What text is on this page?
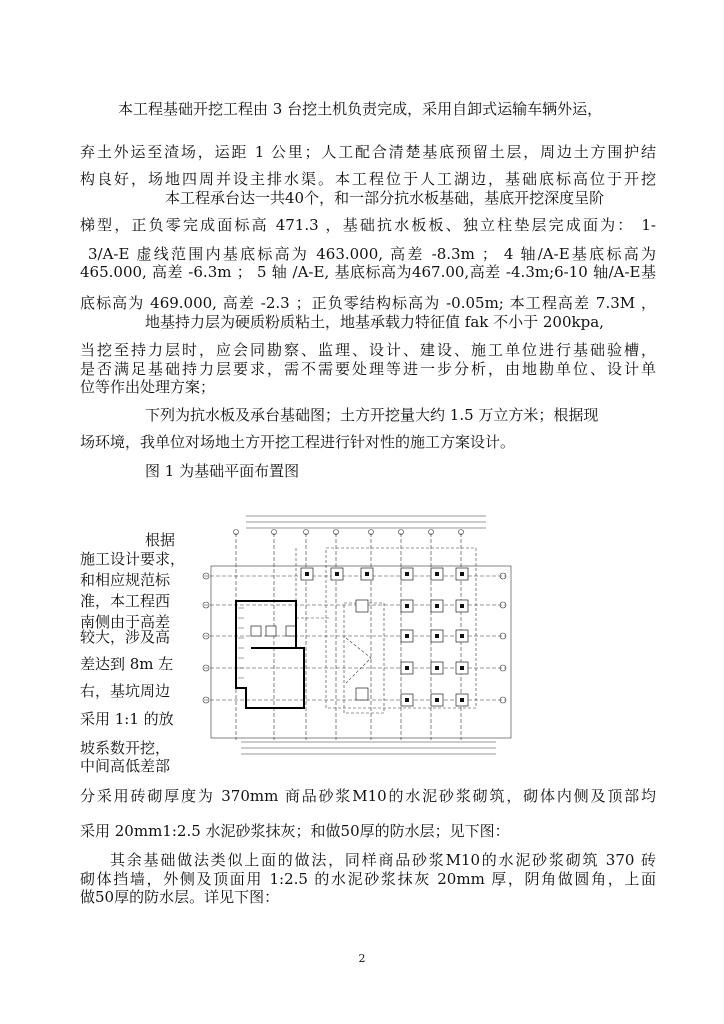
本工程基础开挖工程由 3 台挖土机负责完成，采用自卸式运输车辆外运，
弃土外运至渣场，运距 1 公里；人工配合清楚基底预留土层，周边土方围护结
构良好，场地四周并设主排水渠。本工程位于人工湖边，基础底标高位于开挖
本工程承台达一共40个，和一部分抗水板基础，基底开挖深度呈阶
梯型，正负零完成面标高 471.3 ，基础抗水板板、独立柱垫层完成面为： 1-
3/A-E 虚线范围内基底标高为 463.000, 高差 -8.3m ； 4 轴/A-E基底标高为
465.000, 高差 -6.3m ； 5 轴 /A-E, 基底标高为467.00,高差 -4.3m;6-10 轴/A-E基
底标高为 469.000, 高差 -2.3 ；正负零结构标高为 -0.05m; 本工程高差 7.3M ，
地基持力层为硬质粉质粘土，地基承载力特征值 fak 不小于 200kpa,
当挖至持力层时，应会同勘察、监理、设计、建设、施工单位进行基础验槽，
是否满足基础持力层要求，需不需要处理等进一步分析，由地勘单位、设计单
位等作出处理方案；
下列为抗水板及承台基础图；土方开挖量大约 1.5 万立方米；根据现
场环境，我单位对场地土方开挖工程进行针对性的施工方案设计。
图 1 为基础平面布置图
根据
施工设计要求，
和相应规范标
准，本工程西
南侧由于高差
较大，涉及高
差达到 8m 左
右，基坑周边
采用 1:1 的放
坡系数开挖，
中间高低差部
分采用砖砌厚度为 370mm 商品砂浆M10的水泥砂浆砌筑，砌体内侧及顶部均
采用 20mm1:2.5 水泥砂浆抹灰；和做50厚的防水层；见下图：
其余基础做法类似上面的做法，同样商品砂浆M10的水泥砂浆砌筑 370 砖
砌体挡墙，外侧及顶面用 1:2.5 的水泥砂浆抹灰 20mm 厚，阴角做圆角，上面
做50厚的防水层。详见下图：
2
